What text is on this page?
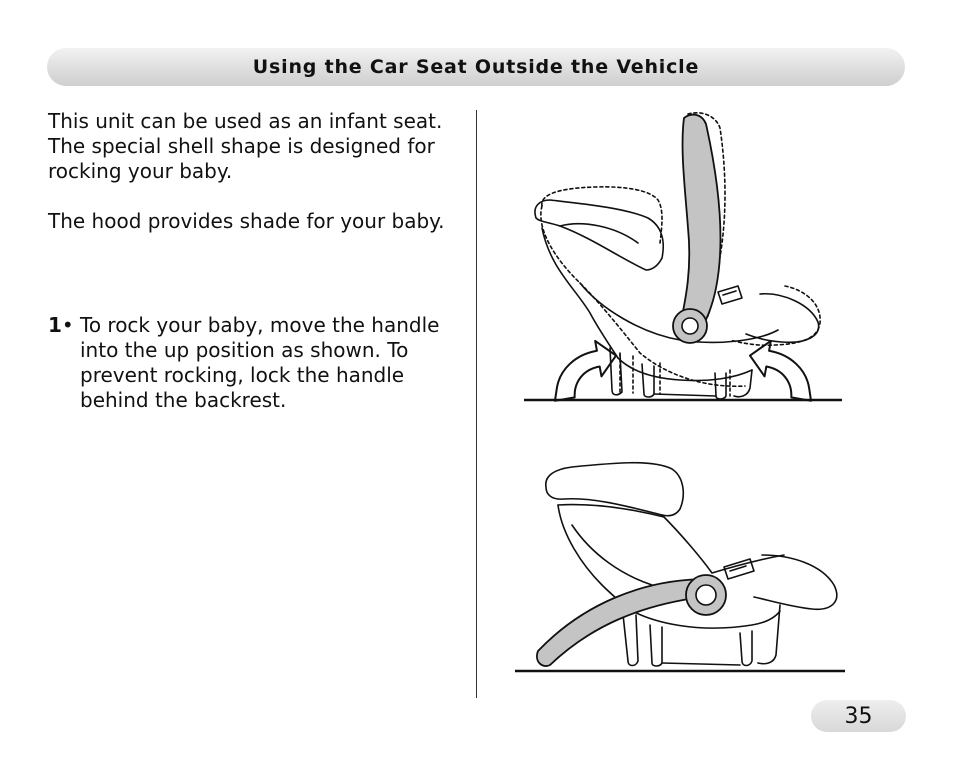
Using the Car Seat Outside the Vehicle

This unit can be used as an infant seat. The special shell shape is designed for rocking your baby.

The hood provides shade for your baby.

1• To rock your baby, move the handle into the up position as shown. To prevent rocking, lock the handle behind the backrest.

35
